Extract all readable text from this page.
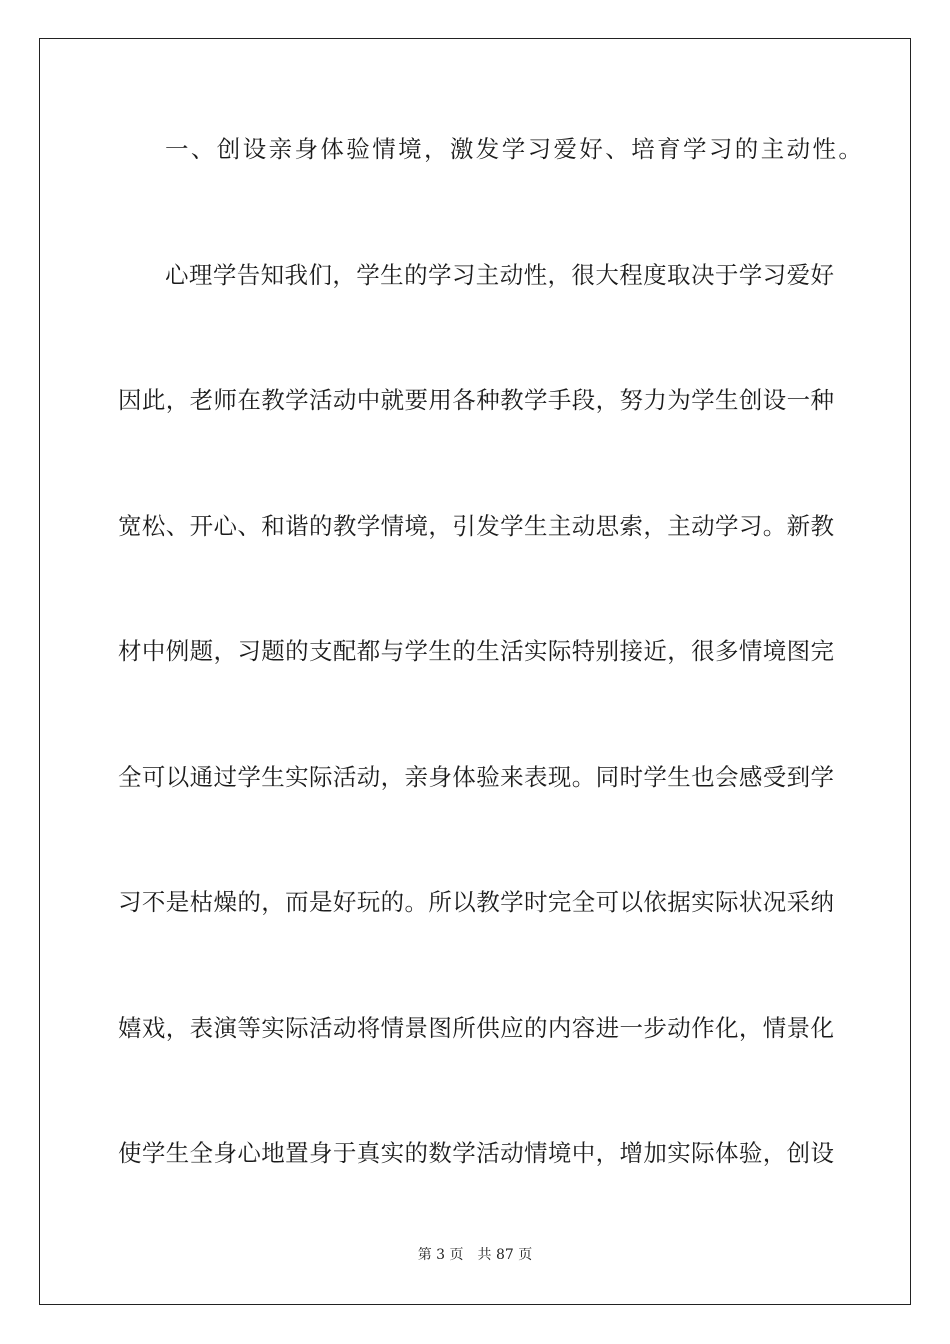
一、创设亲身体验情境，激发学习爱好、培育学习的主动性。
心理学告知我们，学生的学习主动性，很大程度取决于学习爱好
因此，老师在教学活动中就要用各种教学手段，努力为学生创设一种
宽松、开心、和谐的教学情境，引发学生主动思索，主动学习。新教
材中例题，习题的支配都与学生的生活实际特别接近，很多情境图完
全可以通过学生实际活动，亲身体验来表现。同时学生也会感受到学
习不是枯燥的，而是好玩的。所以教学时完全可以依据实际状况采纳
嬉戏，表演等实际活动将情景图所供应的内容进一步动作化，情景化
使学生全身心地置身于真实的数学活动情境中，增加实际体验，创设
第 3 页 共 87 页
